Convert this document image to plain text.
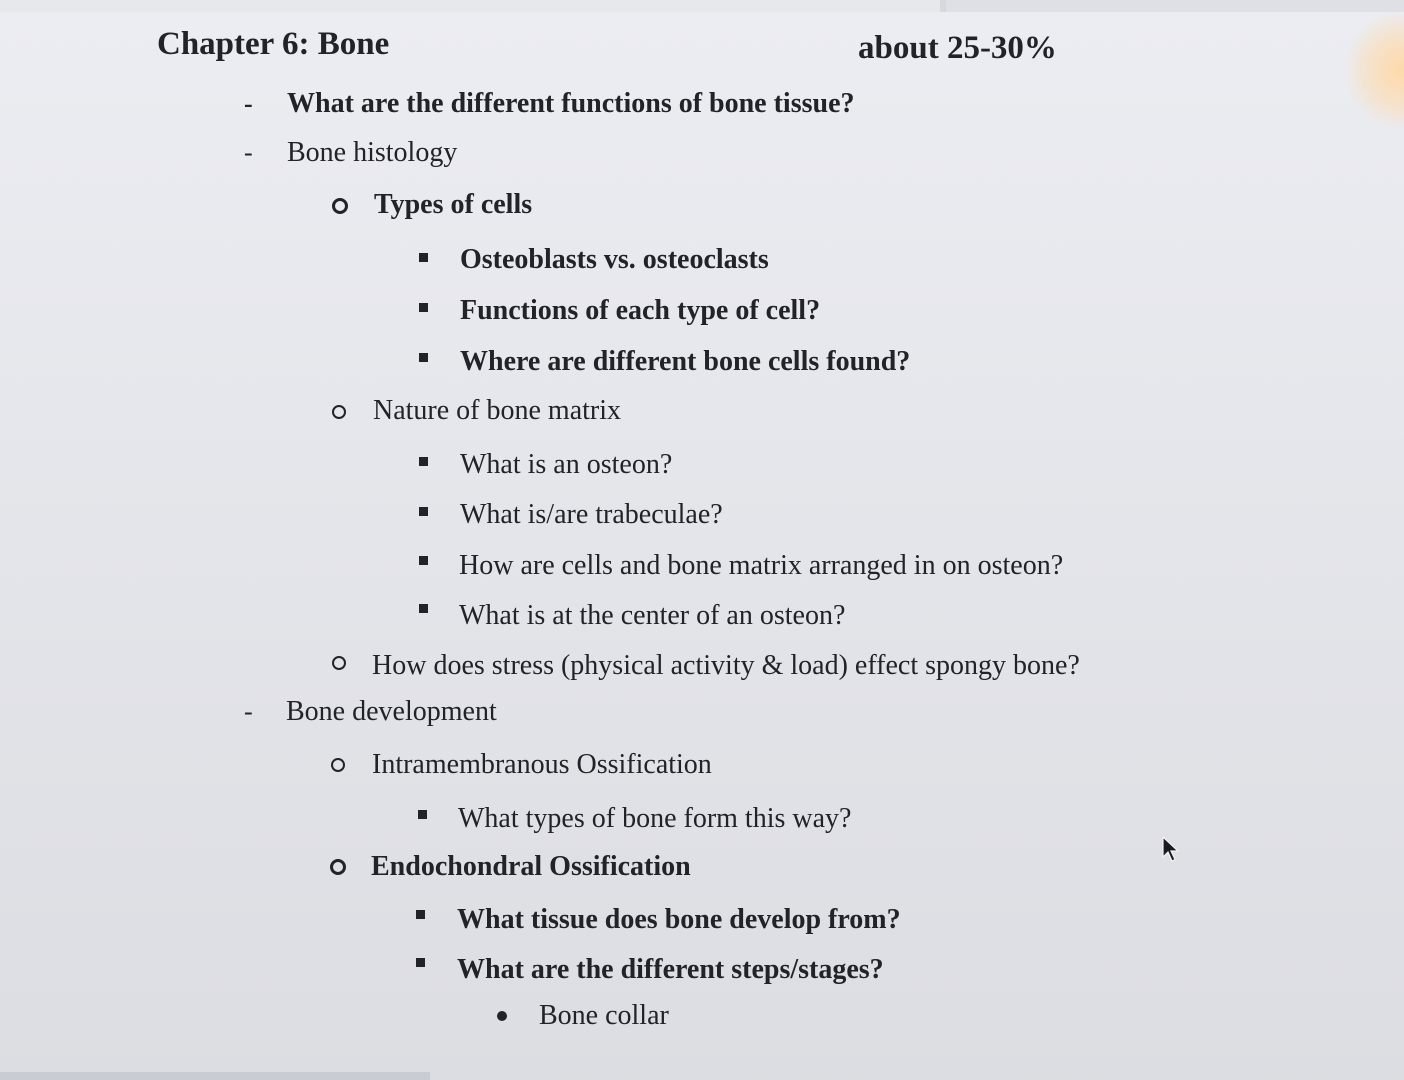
Chapter 6: Bone	about 25-30%
- What are the different functions of bone tissue?
- Bone histology
Types of cells
Osteoblasts vs. osteoclasts
Functions of each type of cell?
Where are different bone cells found?
Nature of bone matrix
What is an osteon?
What is/are trabeculae?
How are cells and bone matrix arranged in on osteon?
What is at the center of an osteon?
How does stress (physical activity & load) effect spongy bone?
- Bone development
Intramembranous Ossification
What types of bone form this way?
Endochondral Ossification
What tissue does bone develop from?
What are the different steps/stages?
Bone collar
